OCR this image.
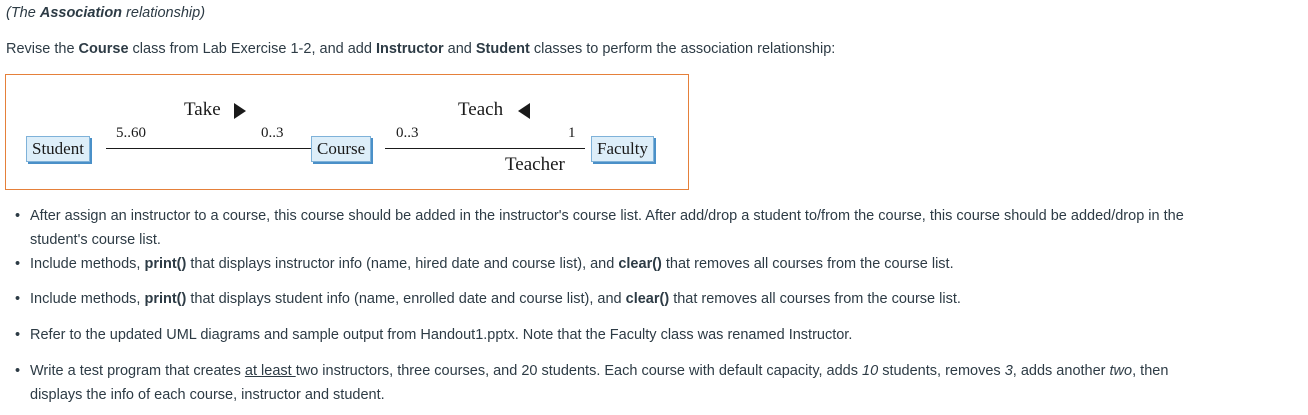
(The Association relationship)
Revise the Course class from Lab Exercise 1-2, and add Instructor and Student classes to perform the association relationship:
Student	Course	Faculty
Take	Teach
5..60	0..3	0..3	1
Teacher
• After assign an instructor to a course, this course should be added in the instructor's course list. After add/drop a student to/from the course, this course should be added/drop in the
student's course list.
• Include methods, print() that displays instructor info (name, hired date and course list), and clear() that removes all courses from the course list.
• Include methods, print() that displays student info (name, enrolled date and course list), and clear() that removes all courses from the course list.
• Refer to the updated UML diagrams and sample output from Handout1.pptx. Note that the Faculty class was renamed Instructor.
• Write a test program that creates at least two instructors, three courses, and 20 students. Each course with default capacity, adds 10 students, removes 3, adds another two, then
displays the info of each course, instructor and student.
